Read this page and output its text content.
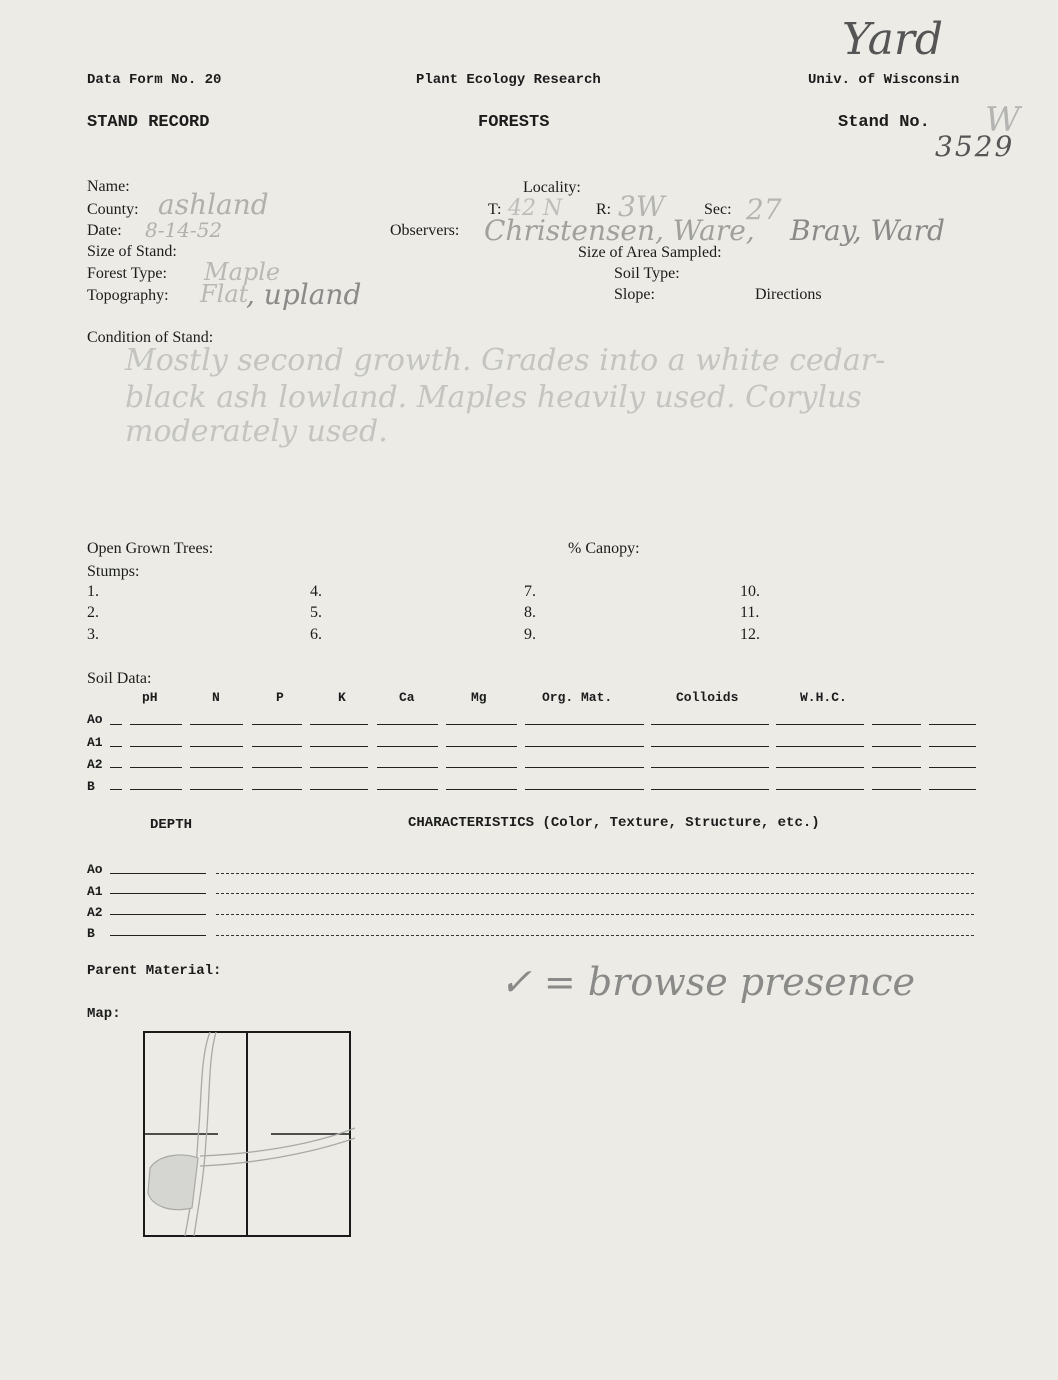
Data Form No. 20	Plant Ecology Research	Univ. of Wisconsin
Yard
STAND RECORD	FORESTS	Stand No. W
3529
Name:
County: ashland
Date: 8-14-52
Size of Stand:
Forest Type: Maple
Topography: Flat
, upland
Locality:
T: 42 N R: 3W Sec: 27
Observers: Christensen, Ware, Bray, Ward
Size of Area Sampled:
Soil Type:
Slope:	Directions
Condition of Stand:
Mostly second growth. Grades into a white cedar-
black ash lowland. Maples heavily used. Corylus
moderately used.
Open Grown Trees:	% Canopy:
Stumps:
1.
2.
3.
4.
5.
6.
7.
8.
9.
10.
11.
12.
Soil Data:
pH	N	P	K	Ca	Mg	Org. Mat.	Colloids	W.H.C.
Ao
A1
A2
B
DEPTH	CHARACTERISTICS (Color, Texture, Structure, etc.)
Ao
A1
A2
B
Parent Material:	✓ = browse presence
Map:
